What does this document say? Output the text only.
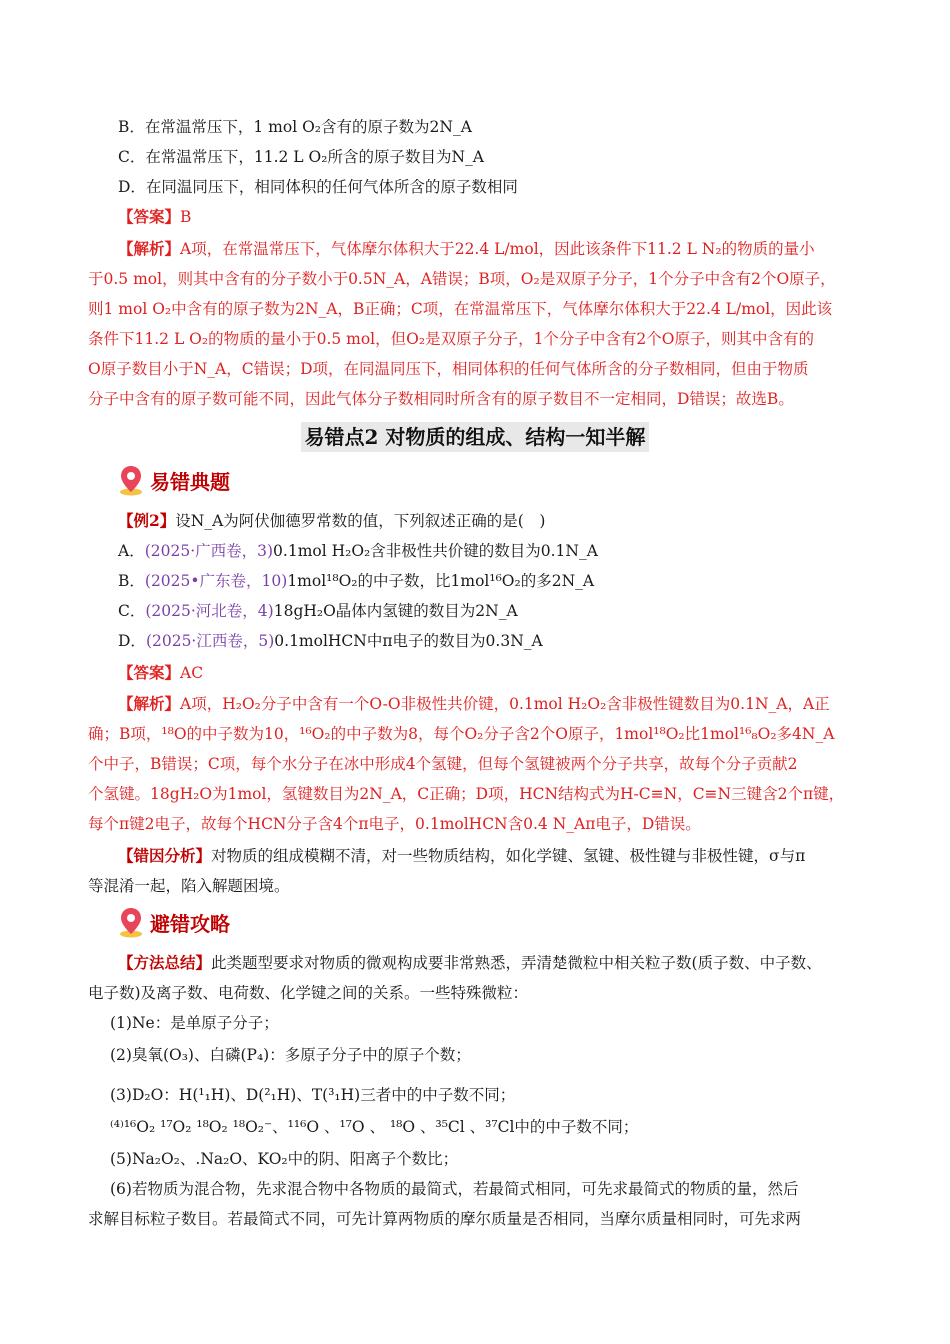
B．在常温常压下，1 mol O₂含有的原子数为2N_A
C．在常温常压下，11.2 L O₂所含的原子数目为N_A
D．在同温同压下，相同体积的任何气体所含的原子数相同
【答案】B
【解析】A项，在常温常压下，气体摩尔体积大于22.4 L/mol，因此该条件下11.2 L N₂的物质的量小
于0.5 mol，则其中含有的分子数小于0.5N_A，A错误；B项，O₂是双原子分子，1个分子中含有2个O原子，
则1 mol O₂中含有的原子数为2N_A，B正确；C项，在常温常压下，气体摩尔体积大于22.4 L/mol，因此该
条件下11.2 L O₂的物质的量小于0.5 mol，但O₂是双原子分子，1个分子中含有2个O原子，则其中含有的
O原子数目小于N_A，C错误；D项，在同温同压下，相同体积的任何气体所含的分子数相同，但由于物质
分子中含有的原子数可能不同，因此气体分子数相同时所含有的原子数目不一定相同，D错误；故选B。
易错点2 对物质的组成、结构一知半解
易错典题
【例2】设N_A为阿伏伽德罗常数的值，下列叙述正确的是(　)
A．(2025·广西卷，3)0.1mol H₂O₂含非极性共价键的数目为0.1N_A
B．(2025•广东卷，10)1mol¹⁸O₂的中子数，比1mol¹⁶O₂的多2N_A
C．(2025·河北卷，4)18gH₂O晶体内氢键的数目为2N_A
D．(2025·江西卷，5)0.1molHCN中π电子的数目为0.3N_A
【答案】AC
【解析】A项，H₂O₂分子中含有一个O-O非极性共价键，0.1mol H₂O₂含非极性键数目为0.1N_A，A正
确；B项，¹⁸O的中子数为10，¹⁶O₂的中子数为8，每个O₂分子含2个O原子，1mol¹⁸O₂比1mol¹⁶₈O₂多4N_A
个中子，B错误；C项，每个水分子在冰中形成4个氢键，但每个氢键被两个分子共享，故每个分子贡献2
个氢键。18gH₂O为1mol，氢键数目为2N_A，C正确；D项，HCN结构式为H-C≡N，C≡N三键含2个π键，
每个π键2电子，故每个HCN分子含4个π电子，0.1molHCN含0.4 N_Aπ电子，D错误。
【错因分析】对物质的组成模糊不清，对一些物质结构，如化学键、氢键、极性键与非极性键，σ与π
等混淆一起，陷入解题困境。
避错攻略
【方法总结】此类题型要求对物质的微观构成要非常熟悉，弄清楚微粒中相关粒子数(质子数、中子数、
电子数)及离子数、电荷数、化学键之间的关系。一些特殊微粒：
(1)Ne：是单原子分子；
(2)臭氧(O₃)、白磷(P₄)：多原子分子中的原子个数；
(3)D₂O：H(¹₁H)、D(²₁H)、T(³₁H)三者中的中子数不同；
⁽⁴⁾¹⁶O₂ ¹⁷O₂ ¹⁸O₂ ¹⁸O₂⁻、¹¹⁶O 、¹⁷O 、 ¹⁸O 、³⁵Cl 、³⁷Cl中的中子数不同；
(5)Na₂O₂、.Na₂O、KO₂中的阴、阳离子个数比；
(6)若物质为混合物，先求混合物中各物质的最简式，若最简式相同，可先求最简式的物质的量，然后
求解目标粒子数目。若最简式不同，可先计算两物质的摩尔质量是否相同，当摩尔质量相同时，可先求两
